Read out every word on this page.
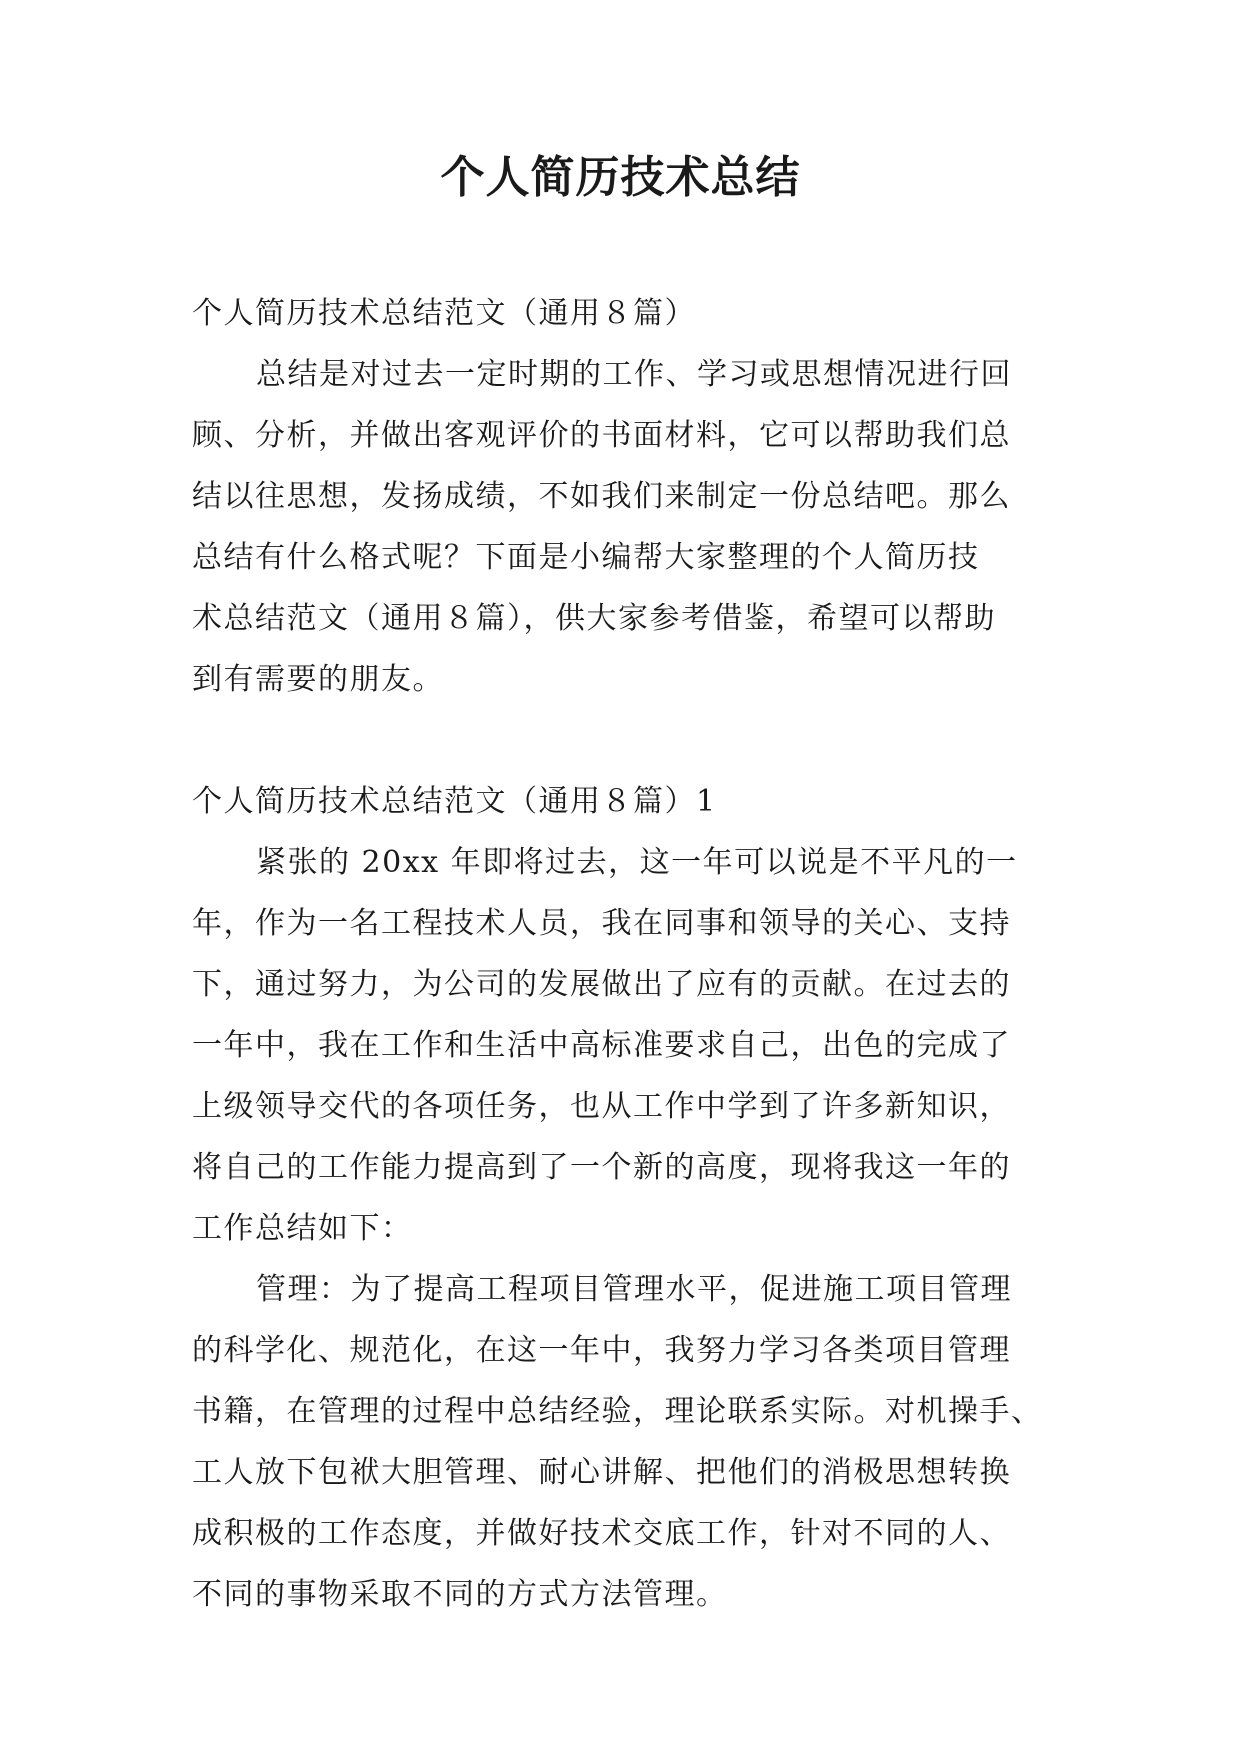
个人简历技术总结
个人简历技术总结范文（通用８篇）
总结是对过去一定时期的工作、学习或思想情况进行回
顾、分析，并做出客观评价的书面材料，它可以帮助我们总
结以往思想，发扬成绩，不如我们来制定一份总结吧。那么
总结有什么格式呢？下面是小编帮大家整理的个人简历技
术总结范文（通用８篇），供大家参考借鉴，希望可以帮助
到有需要的朋友。
个人简历技术总结范文（通用８篇）1
紧张的 20xx 年即将过去，这一年可以说是不平凡的一
年，作为一名工程技术人员，我在同事和领导的关心、支持
下，通过努力，为公司的发展做出了应有的贡献。在过去的
一年中，我在工作和生活中高标准要求自己，出色的完成了
上级领导交代的各项任务，也从工作中学到了许多新知识，
将自己的工作能力提高到了一个新的高度，现将我这一年的
工作总结如下：
管理：为了提高工程项目管理水平，促进施工项目管理
的科学化、规范化，在这一年中，我努力学习各类项目管理
书籍，在管理的过程中总结经验，理论联系实际。对机操手、
工人放下包袱大胆管理、耐心讲解、把他们的消极思想转换
成积极的工作态度，并做好技术交底工作，针对不同的人、
不同的事物采取不同的方式方法管理。
